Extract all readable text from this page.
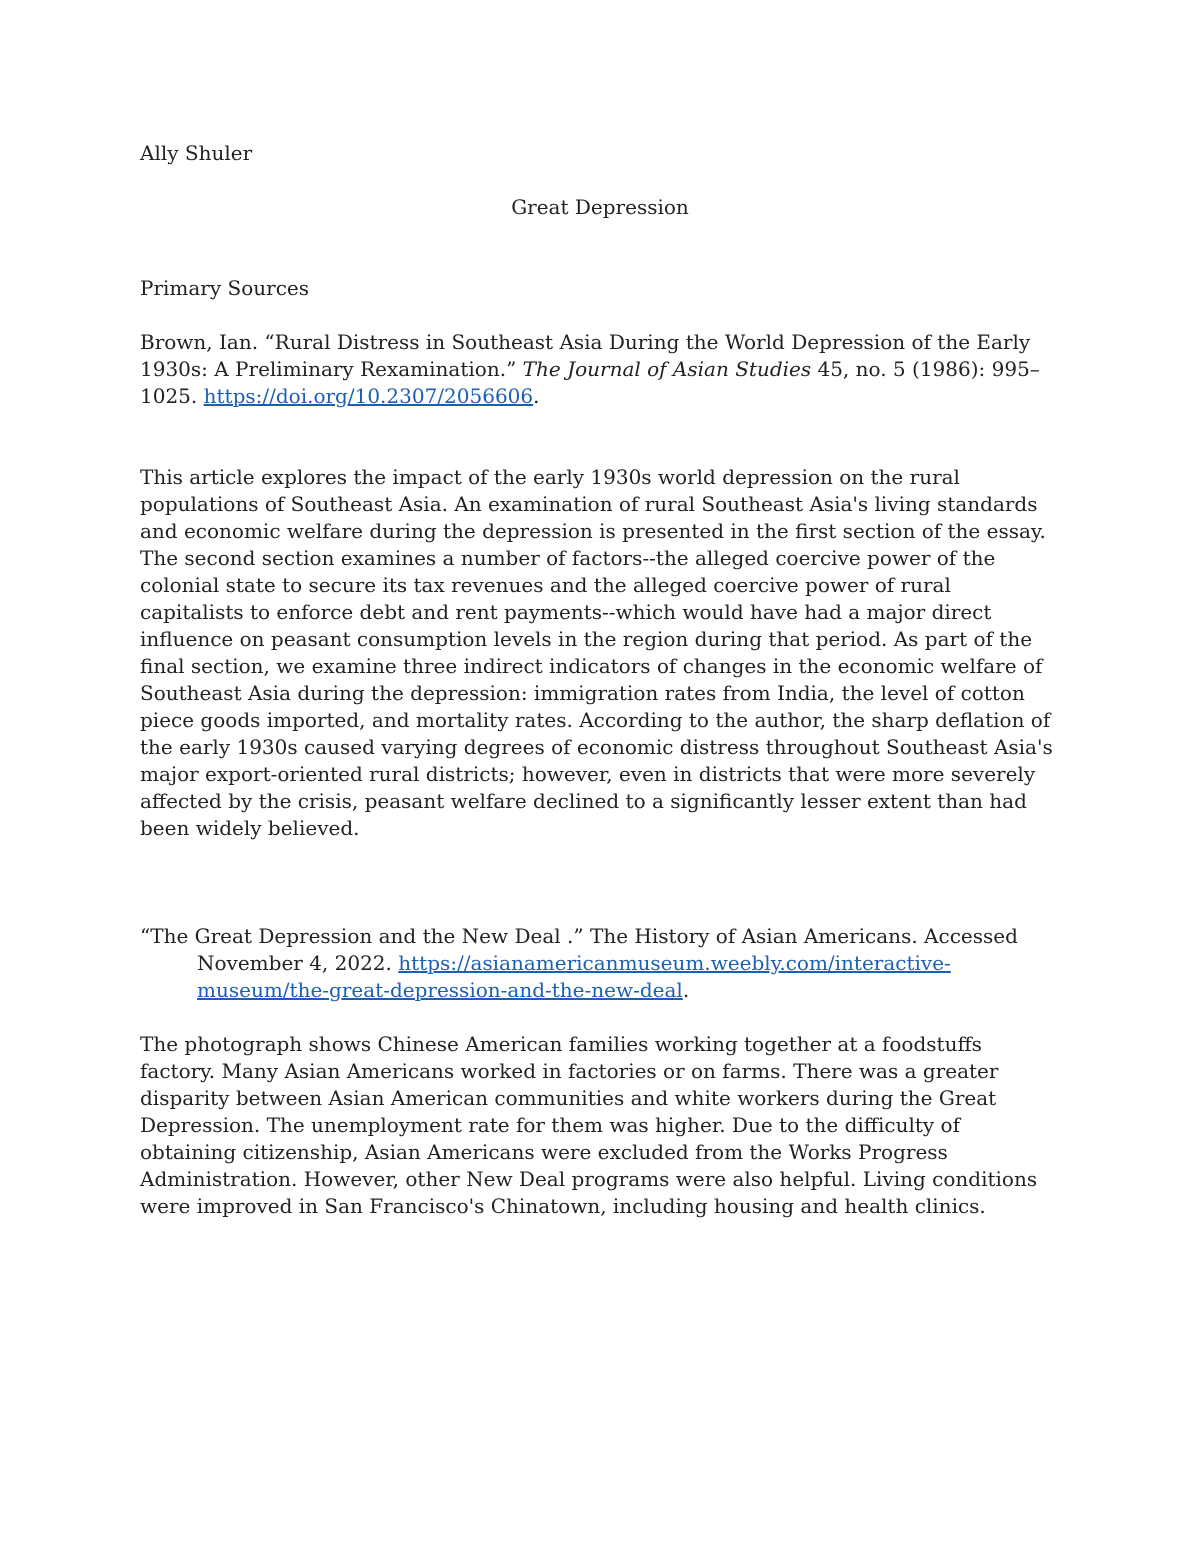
Ally Shuler

Great Depression

Primary Sources

Brown, Ian. “Rural Distress in Southeast Asia During the World Depression of the Early 1930s: A Preliminary Rexamination.” The Journal of Asian Studies 45, no. 5 (1986): 995–1025. https://doi.org/10.2307/2056606.

This article explores the impact of the early 1930s world depression on the rural populations of Southeast Asia. An examination of rural Southeast Asia's living standards and economic welfare during the depression is presented in the first section of the essay. The second section examines a number of factors--the alleged coercive power of the colonial state to secure its tax revenues and the alleged coercive power of rural capitalists to enforce debt and rent payments--which would have had a major direct influence on peasant consumption levels in the region during that period. As part of the final section, we examine three indirect indicators of changes in the economic welfare of Southeast Asia during the depression: immigration rates from India, the level of cotton piece goods imported, and mortality rates. According to the author, the sharp deflation of the early 1930s caused varying degrees of economic distress throughout Southeast Asia's major export-oriented rural districts; however, even in districts that were more severely affected by the crisis, peasant welfare declined to a significantly lesser extent than had been widely believed.

“The Great Depression and the New Deal .” The History of Asian Americans. Accessed November 4, 2022. https://asianamericanmuseum.weebly.com/interactive-museum/the-great-depression-and-the-new-deal.

The photograph shows Chinese American families working together at a foodstuffs factory. Many Asian Americans worked in factories or on farms. There was a greater disparity between Asian American communities and white workers during the Great Depression. The unemployment rate for them was higher. Due to the difficulty of obtaining citizenship, Asian Americans were excluded from the Works Progress Administration. However, other New Deal programs were also helpful. Living conditions were improved in San Francisco's Chinatown, including housing and health clinics.
